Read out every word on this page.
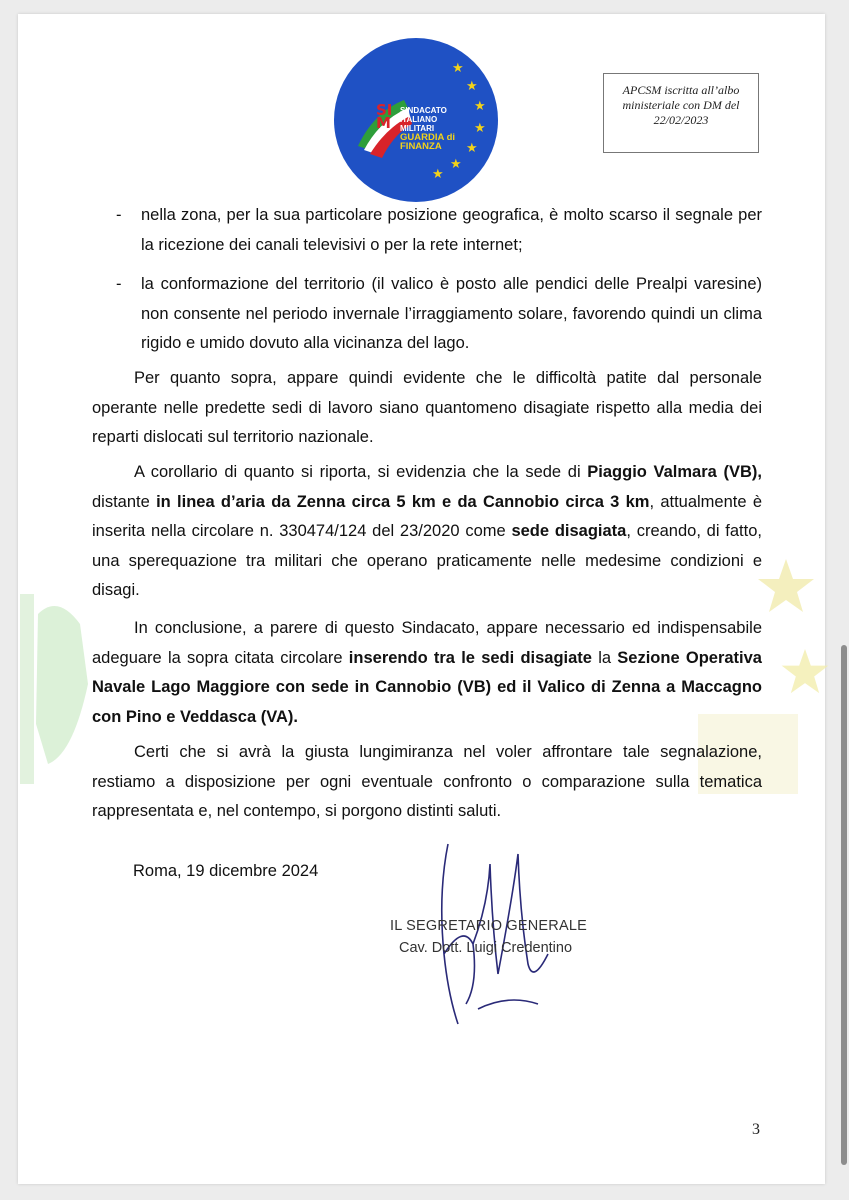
★
★
★
★
★
★
★
SIM
SINDACATO
ITALIANO
MILITARI
GUARDIA di FINANZA
APCSM iscritta all’albo
ministeriale con DM del
22/02/2023
- nella zona, per la sua particolare posizione geografica, è molto scarso il segnale per la ricezione dei canali televisivi o per la rete internet;
- la conformazione del territorio (il valico è posto alle pendici delle Prealpi varesine) non consente nel periodo invernale l’irraggiamento solare, favorendo quindi un clima rigido e umido dovuto alla vicinanza del lago.
Per quanto sopra, appare quindi evidente che le difficoltà patite dal personale operante nelle predette sedi di lavoro siano quantomeno disagiate rispetto alla media dei reparti dislocati sul territorio nazionale.
A corollario di quanto si riporta, si evidenzia che la sede di Piaggio Valmara (VB), distante in linea d’aria da Zenna circa 5 km e da Cannobio circa 3 km, attualmente è inserita nella circolare n. 330474/124 del 23/2020 come sede disagiata, creando, di fatto, una sperequazione tra militari che operano praticamente nelle medesime condizioni e disagi.
In conclusione, a parere di questo Sindacato, appare necessario ed indispensabile adeguare la sopra citata circolare inserendo tra le sedi disagiate la Sezione Operativa Navale Lago Maggiore con sede in Cannobio (VB) ed il Valico di Zenna a Maccagno con Pino e Veddasca (VA).
Certi che si avrà la giusta lungimiranza nel voler affrontare tale segnalazione, restiamo a disposizione per ogni eventuale confronto o comparazione sulla tematica rappresentata e, nel contempo, si porgono distinti saluti.
Roma, 19 dicembre 2024
IL SEGRETARIO GENERALE
Cav. Dott. Luigi Credentino
3
